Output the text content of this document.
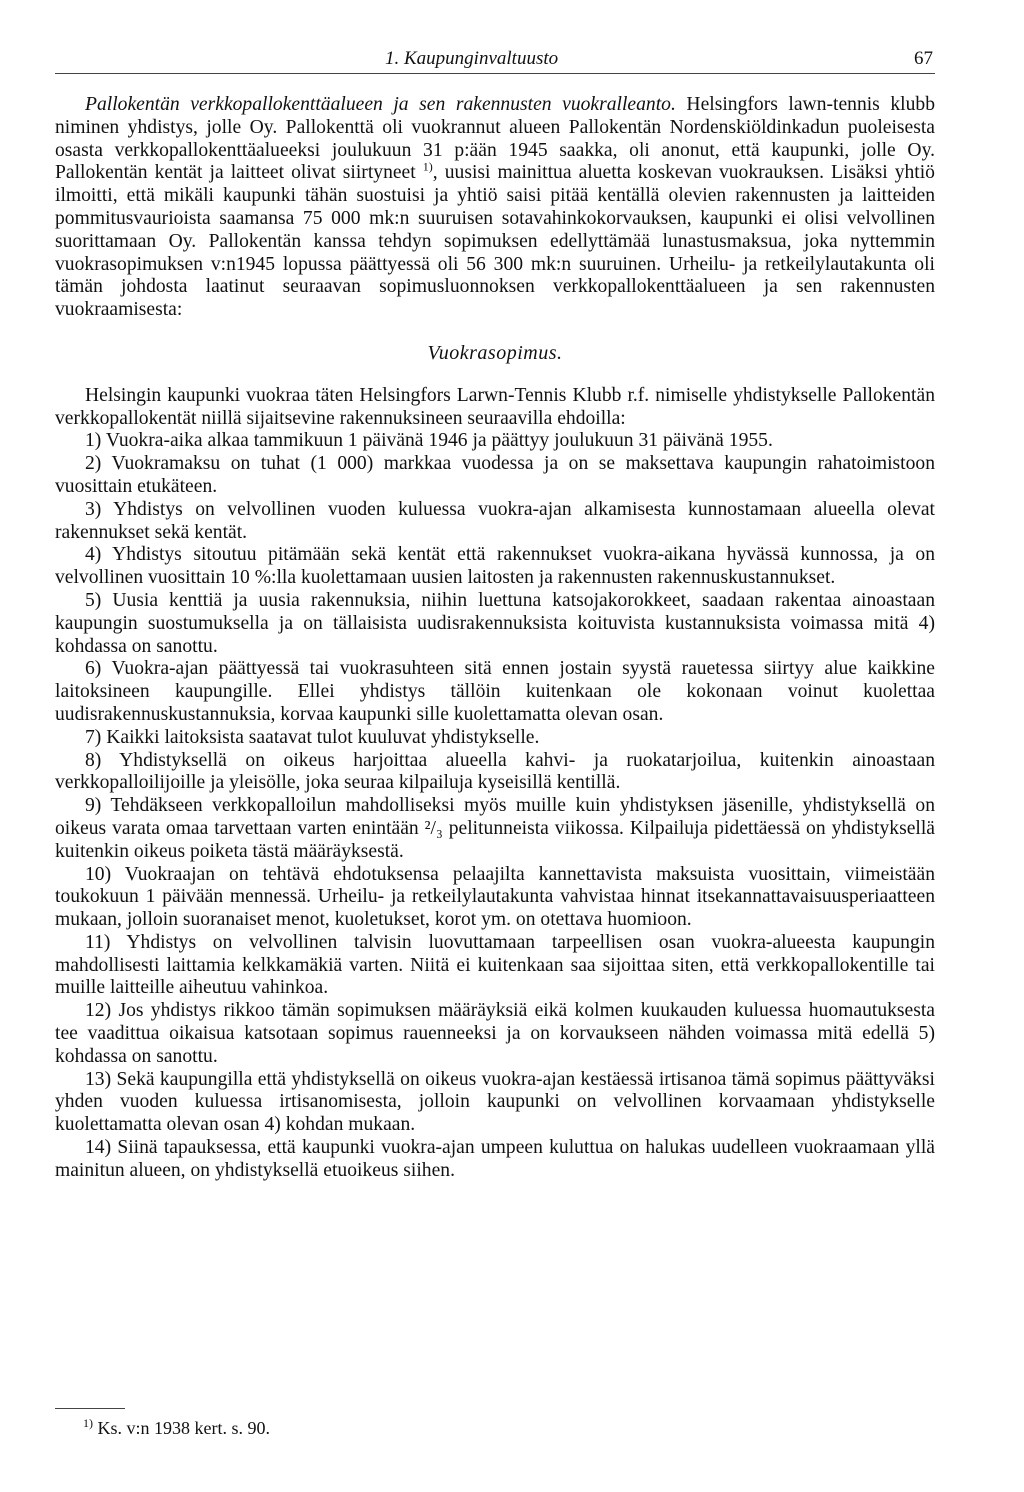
1. Kaupunginvaltuusto	67

Pallokentän verkkopallokenttäalueen ja sen rakennusten vuokralleanto. Helsingfors lawn-tennis klubb niminen yhdistys, jolle Oy. Pallokenttä oli vuokrannut alueen Pallokentän Nordenskiöldinkadun puoleisesta osasta verkkopallokenttäalueeksi joulukuun 31 p:ään 1945 saakka, oli anonut, että kaupunki, jolle Oy. Pallokentän kentät ja laitteet olivat siirtyneet $^{1)}$, uusisi mainittua aluetta koskevan vuokrauksen. Lisäksi yhtiö ilmoitti, että mikäli kaupunki tähän suostuisi ja yhtiö saisi pitää kentällä olevien rakennusten ja laitteiden pommitusvaurioista saamansa 75 000 mk:n suuruisen sotavahinkokorvauksen, kaupunki ei olisi velvollinen suorittamaan Oy. Pallokentän kanssa tehdyn sopimuksen edellyttämää lunastusmaksua, joka nyttemmin vuokrasopimuksen v:n1945 lopussa päättyessä oli 56 300 mk:n suuruinen. Urheilu- ja retkeilylautakunta oli tämän johdosta laatinut seuraavan sopimusluonnoksen verkkopallokenttäalueen ja sen rakennusten vuokraamisesta:

Vuokrasopimus.

Helsingin kaupunki vuokraa täten Helsingfors Larwn-Tennis Klubb r.f. nimiselle yhdistykselle Pallokentän verkkopallokentät niillä sijaitsevine rakennuksineen seuraavilla ehdoilla:

1) Vuokra-aika alkaa tammikuun 1 päivänä 1946 ja päättyy joulukuun 31 päivänä 1955.

2) Vuokramaksu on tuhat (1 000) markkaa vuodessa ja on se maksettava kaupungin rahatoimistoon vuosittain etukäteen.

3) Yhdistys on velvollinen vuoden kuluessa vuokra-ajan alkamisesta kunnostamaan alueella olevat rakennukset sekä kentät.

4) Yhdistys sitoutuu pitämään sekä kentät että rakennukset vuokra-aikana hyvässä kunnossa, ja on velvollinen vuosittain 10 %:lla kuolettamaan uusien laitosten ja rakennusten rakennuskustannukset.

5) Uusia kenttiä ja uusia rakennuksia, niihin luettuna katsojakorokkeet, saadaan rakentaa ainoastaan kaupungin suostumuksella ja on tällaisista uudisrakennuksista koituvista kustannuksista voimassa mitä 4) kohdassa on sanottu.

6) Vuokra-ajan päättyessä tai vuokrasuhteen sitä ennen jostain syystä rauetessa siirtyy alue kaikkine laitoksineen kaupungille. Ellei yhdistys tällöin kuitenkaan ole kokonaan voinut kuolettaa uudisrakennuskustannuksia, korvaa kaupunki sille kuolettamatta olevan osan.

7) Kaikki laitoksista saatavat tulot kuuluvat yhdistykselle.

8) Yhdistyksellä on oikeus harjoittaa alueella kahvi- ja ruokatarjoilua, kuitenkin ainoastaan verkkopalloilijoille ja yleisölle, joka seuraa kilpailuja kyseisillä kentillä.

9) Tehdäkseen verkkopalloilun mahdolliseksi myös muille kuin yhdistyksen jäsenille, yhdistyksellä on oikeus varata omaa tarvettaan varten enintään ²/₃ pelitunneista viikossa. Kilpailuja pidettäessä on yhdistyksellä kuitenkin oikeus poiketa tästä määräyksestä.

10) Vuokraajan on tehtävä ehdotuksensa pelaajilta kannettavista maksuista vuosittain, viimeistään toukokuun 1 päivään mennessä. Urheilu- ja retkeilylautakunta vahvistaa hinnat itsekannattavaisuusperiaatteen mukaan, jolloin suoranaiset menot, kuoletukset, korot ym. on otettava huomioon.

11) Yhdistys on velvollinen talvisin luovuttamaan tarpeellisen osan vuokra-alueesta kaupungin mahdollisesti laittamia kelkkamäkiä varten. Niitä ei kuitenkaan saa sijoittaa siten, että verkkopallokentille tai muille laitteille aiheutuu vahinkoa.

12) Jos yhdistys rikkoo tämän sopimuksen määräyksiä eikä kolmen kuukauden kuluessa huomautuksesta tee vaadittua oikaisua katsotaan sopimus rauenneeksi ja on korvaukseen nähden voimassa mitä edellä 5) kohdassa on sanottu.

13) Sekä kaupungilla että yhdistyksellä on oikeus vuokra-ajan kestäessä irtisanoa tämä sopimus päättyväksi yhden vuoden kuluessa irtisanomisesta, jolloin kaupunki on velvollinen korvaamaan yhdistykselle kuolettamatta olevan osan 4) kohdan mukaan.

14) Siinä tapauksessa, että kaupunki vuokra-ajan umpeen kuluttua on halukas uudelleen vuokraamaan yllä mainitun alueen, on yhdistyksellä etuoikeus siihen.

$^{1)}$ Ks. v:n 1938 kert. s. 90.
